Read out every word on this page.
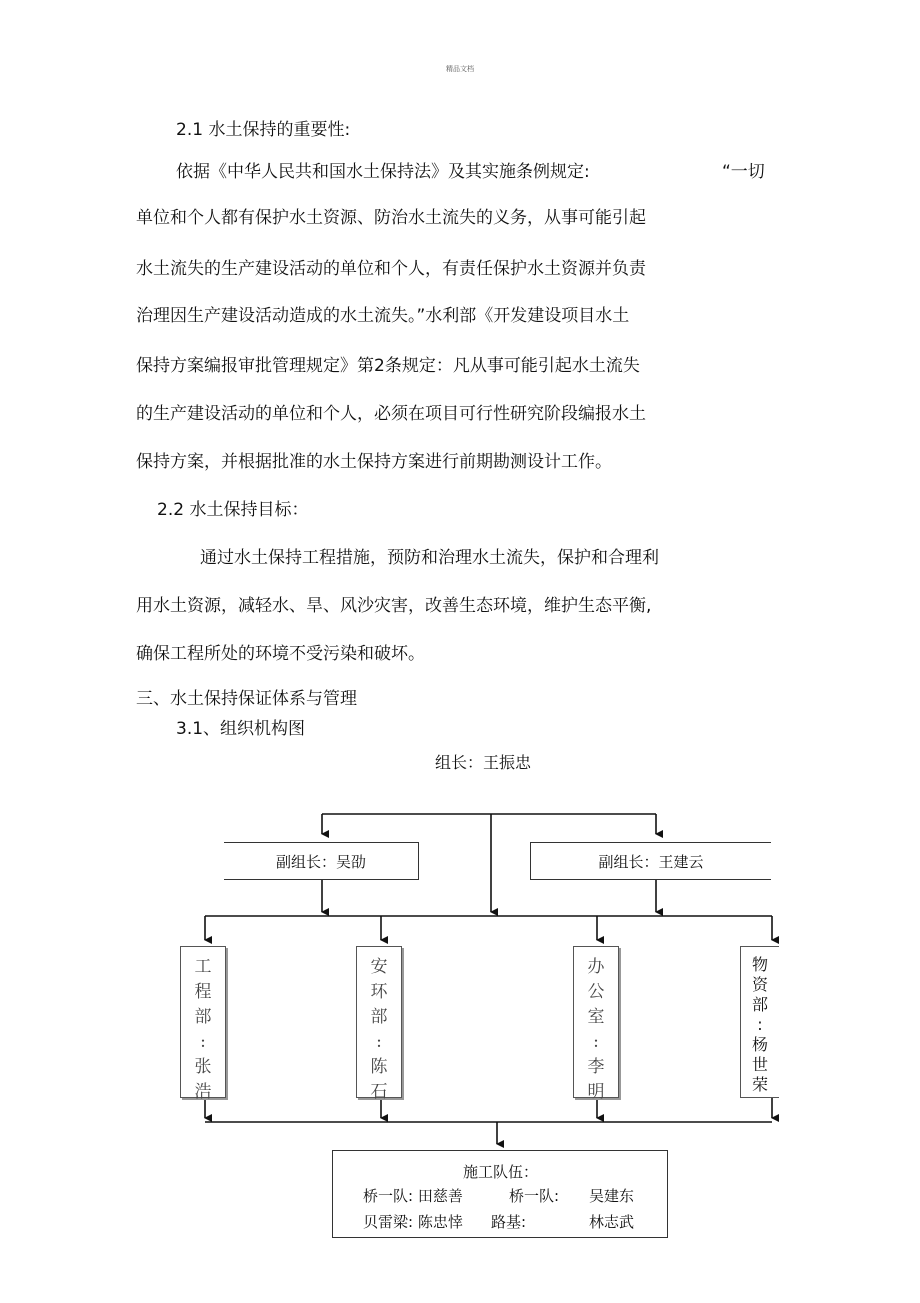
精品文档
2.1 水土保持的重要性:
依据《中华人民共和国水土保持法》及其实施条例规定:	“一切
单位和个人都有保护水土资源、防治水土流失的义务，从事可能引起
水土流失的生产建设活动的单位和个人，有责任保护水土资源并负责
治理因生产建设活动造成的水土流失。”水利部《开发建设项目水土
保持方案编报审批管理规定》第2条规定：凡从事可能引起水土流失
的生产建设活动的单位和个人，必须在项目可行性研究阶段编报水土
保持方案，并根据批准的水土保持方案进行前期勘测设计工作。
2.2 水土保持目标：
通过水土保持工程措施，预防和治理水土流失，保护和合理利
用水土资源，减轻水、旱、风沙灾害，改善生态环境，维护生态平衡,
确保工程所处的环境不受污染和破坏。
三、水土保持保证体系与管理
3.1、组织机构图
组长：王振忠
副组长：吴劭	副组长：王建云
工
程
部
:
张
浩
安
环
部
:
陈
石
办
公
室
:
李
明
物
资
部
:
杨
世
荣
施工队伍：
桥一队: 田慈善	桥一队: 吴建东
贝雷梁: 陈忠悻 路基:	林志武
